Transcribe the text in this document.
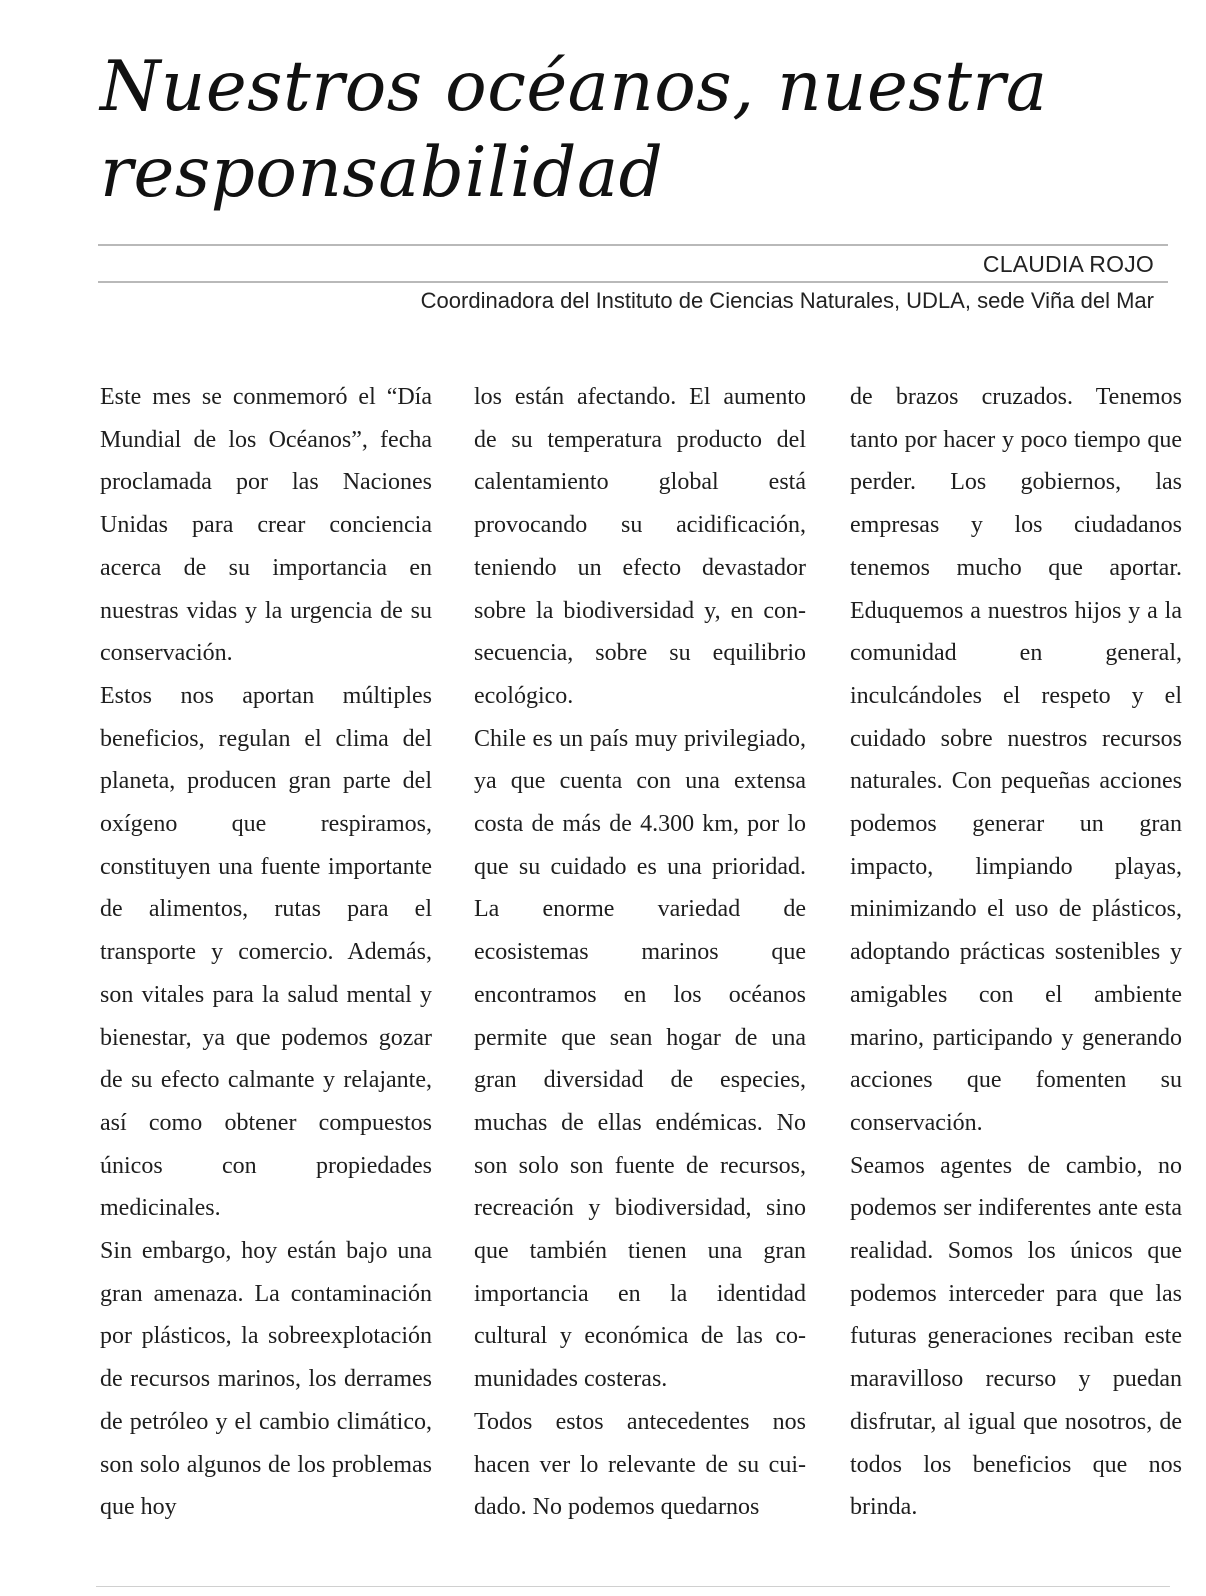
Nuestros océanos, nuestra responsabilidad
CLAUDIA ROJO
Coordinadora del Instituto de Ciencias Naturales, UDLA, sede Viña del Mar

Este mes se conmemoró el “Día Mundial de los Océanos”, fecha proclamada por las Naciones Unidas para crear conciencia acerca de su importancia en nuestras vidas y la urgencia de su conservación.

Estos nos aportan múltiples beneficios, regulan el clima del planeta, producen gran parte del oxígeno que respiramos, constituyen una fuente importante de alimentos, rutas para el transporte y comercio. Además, son vitales para la salud mental y bienestar, ya que podemos gozar de su efecto calmante y relajante, así como obtener compuestos únicos con propiedades medicinales.

Sin embargo, hoy están bajo una gran amenaza. La contaminación por plásticos, la sobreexplotación de recursos marinos, los derrames de petróleo y el cambio climático, son solo algunos de los problemas que hoy

los están afectando. El aumento de su temperatura producto del calentamiento global está provocando su acidificación, teniendo un efecto devastador sobre la biodiversidad y, en consecuencia, sobre su equilibrio ecológico.

Chile es un país muy privilegiado, ya que cuenta con una extensa costa de más de 4.300 km, por lo que su cuidado es una prioridad. La enorme variedad de ecosistemas marinos que encontramos en los océanos permite que sean hogar de una gran diversidad de especies, muchas de ellas endémicas. No son solo son fuente de recursos, recreación y biodiversidad, sino que también tienen una gran importancia en la identidad cultural y económica de las comunidades costeras.

Todos estos antecedentes nos hacen ver lo relevante de su cuidado. No podemos quedarnos

de brazos cruzados. Tenemos tanto por hacer y poco tiempo que perder. Los gobiernos, las empresas y los ciudadanos tenemos mucho que aportar. Eduquemos a nuestros hijos y a la comunidad en general, inculcándoles el respeto y el cuidado sobre nuestros recursos naturales. Con pequeñas acciones podemos generar un gran impacto, limpiando playas, minimizando el uso de plásticos, adoptando prácticas sostenibles y amigables con el ambiente marino, participando y generando acciones que fomenten su conservación.

Seamos agentes de cambio, no podemos ser indiferentes ante esta realidad. Somos los únicos que podemos interceder para que las futuras generaciones reciban este maravilloso recurso y puedan disfrutar, al igual que nosotros, de todos los beneficios que nos brinda.
